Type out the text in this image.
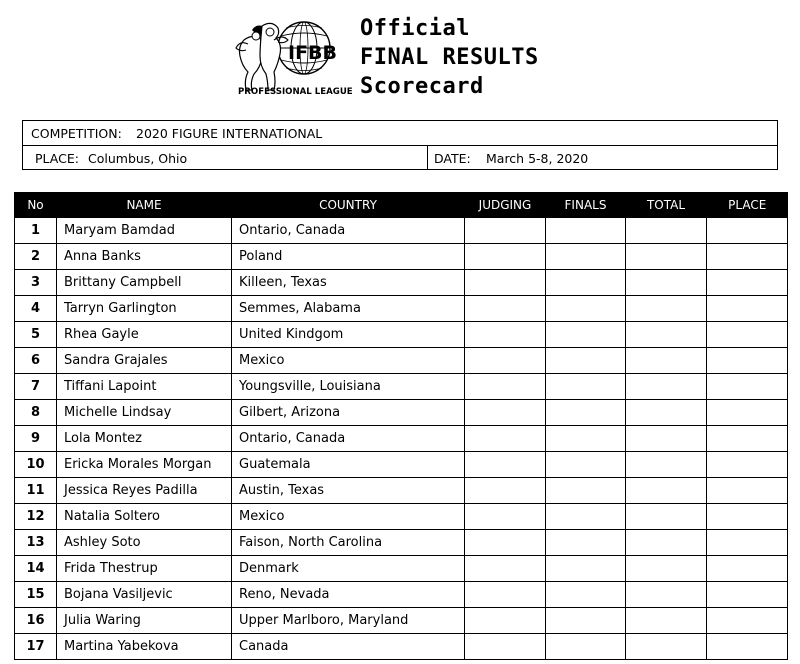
IFBB
PROFESSIONAL LEAGUE
Official
FINAL RESULTS
Scorecard
COMPETITION: 2020 FIGURE INTERNATIONAL
PLACE: Columbus, Ohio	DATE: March 5-8, 2020
No	NAME	COUNTRY	JUDGING	FINALS	TOTAL	PLACE
1	Maryam Bamdad	Ontario, Canada				
2	Anna Banks	Poland				
3	Brittany Campbell	Killeen, Texas				
4	Tarryn Garlington	Semmes, Alabama				
5	Rhea Gayle	United Kindgom				
6	Sandra Grajales	Mexico				
7	Tiffani Lapoint	Youngsville, Louisiana				
8	Michelle Lindsay	Gilbert, Arizona				
9	Lola Montez	Ontario, Canada				
10	Ericka Morales Morgan	Guatemala				
11	Jessica Reyes Padilla	Austin, Texas				
12	Natalia Soltero	Mexico				
13	Ashley Soto	Faison, North Carolina				
14	Frida Thestrup	Denmark				
15	Bojana Vasiljevic	Reno, Nevada				
16	Julia Waring	Upper Marlboro, Maryland				
17	Martina Yabekova	Canada				
